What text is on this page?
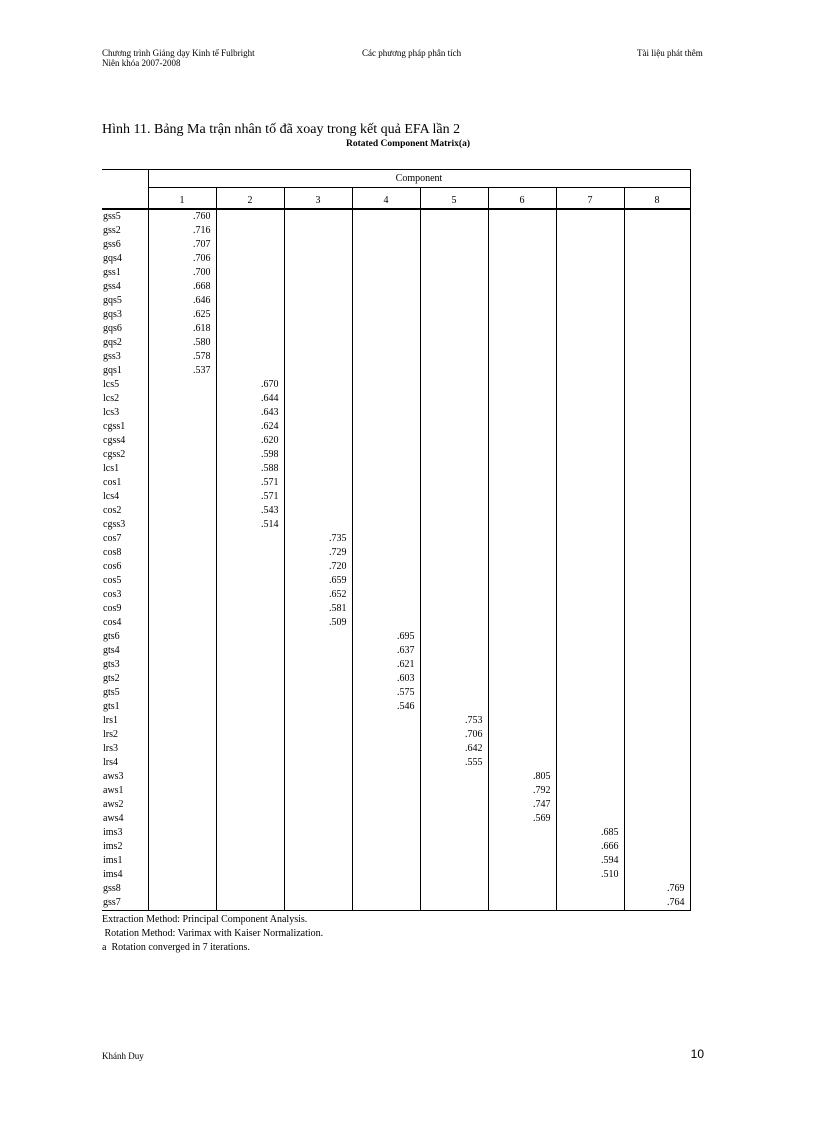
Chương trình Giảng dạy Kinh tế Fulbright
Niên khóa 2007-2008
Các phương pháp phân tích	Tài liệu phát thêm
Hình 11. Bảng Ma trận nhân tố đã xoay trong kết quả EFA lần 2
Rotated Component Matrix(a)
	Component							
	1	2	3	4	5	6	7	8
gss5	.760							
gss2	.716							
gss6	.707							
gqs4	.706							
gss1	.700							
gss4	.668							
gqs5	.646							
gqs3	.625							
gqs6	.618							
gqs2	.580							
gss3	.578							
gqs1	.537							
lcs5		.670						
lcs2		.644						
lcs3		.643						
cgss1		.624						
cgss4		.620						
cgss2		.598						
lcs1		.588						
cos1		.571						
lcs4		.571						
cos2		.543						
cgss3		.514						
cos7			.735					
cos8			.729					
cos6			.720					
cos5			.659					
cos3			.652					
cos9			.581					
cos4			.509					
gts6				.695				
gts4				.637				
gts3				.621				
gts2				.603				
gts5				.575				
gts1				.546				
lrs1					.753			
lrs2					.706			
lrs3					.642			
lrs4					.555			
aws3						.805		
aws1						.792		
aws2						.747		
aws4						.569		
ims3							.685	
ims2							.666	
ims1							.594	
ims4							.510	
gss8								.769
gss7								.764
Extraction Method: Principal Component Analysis.
Rotation Method: Varimax with Kaiser Normalization.
a  Rotation converged in 7 iterations.
Khánh Duy	10
